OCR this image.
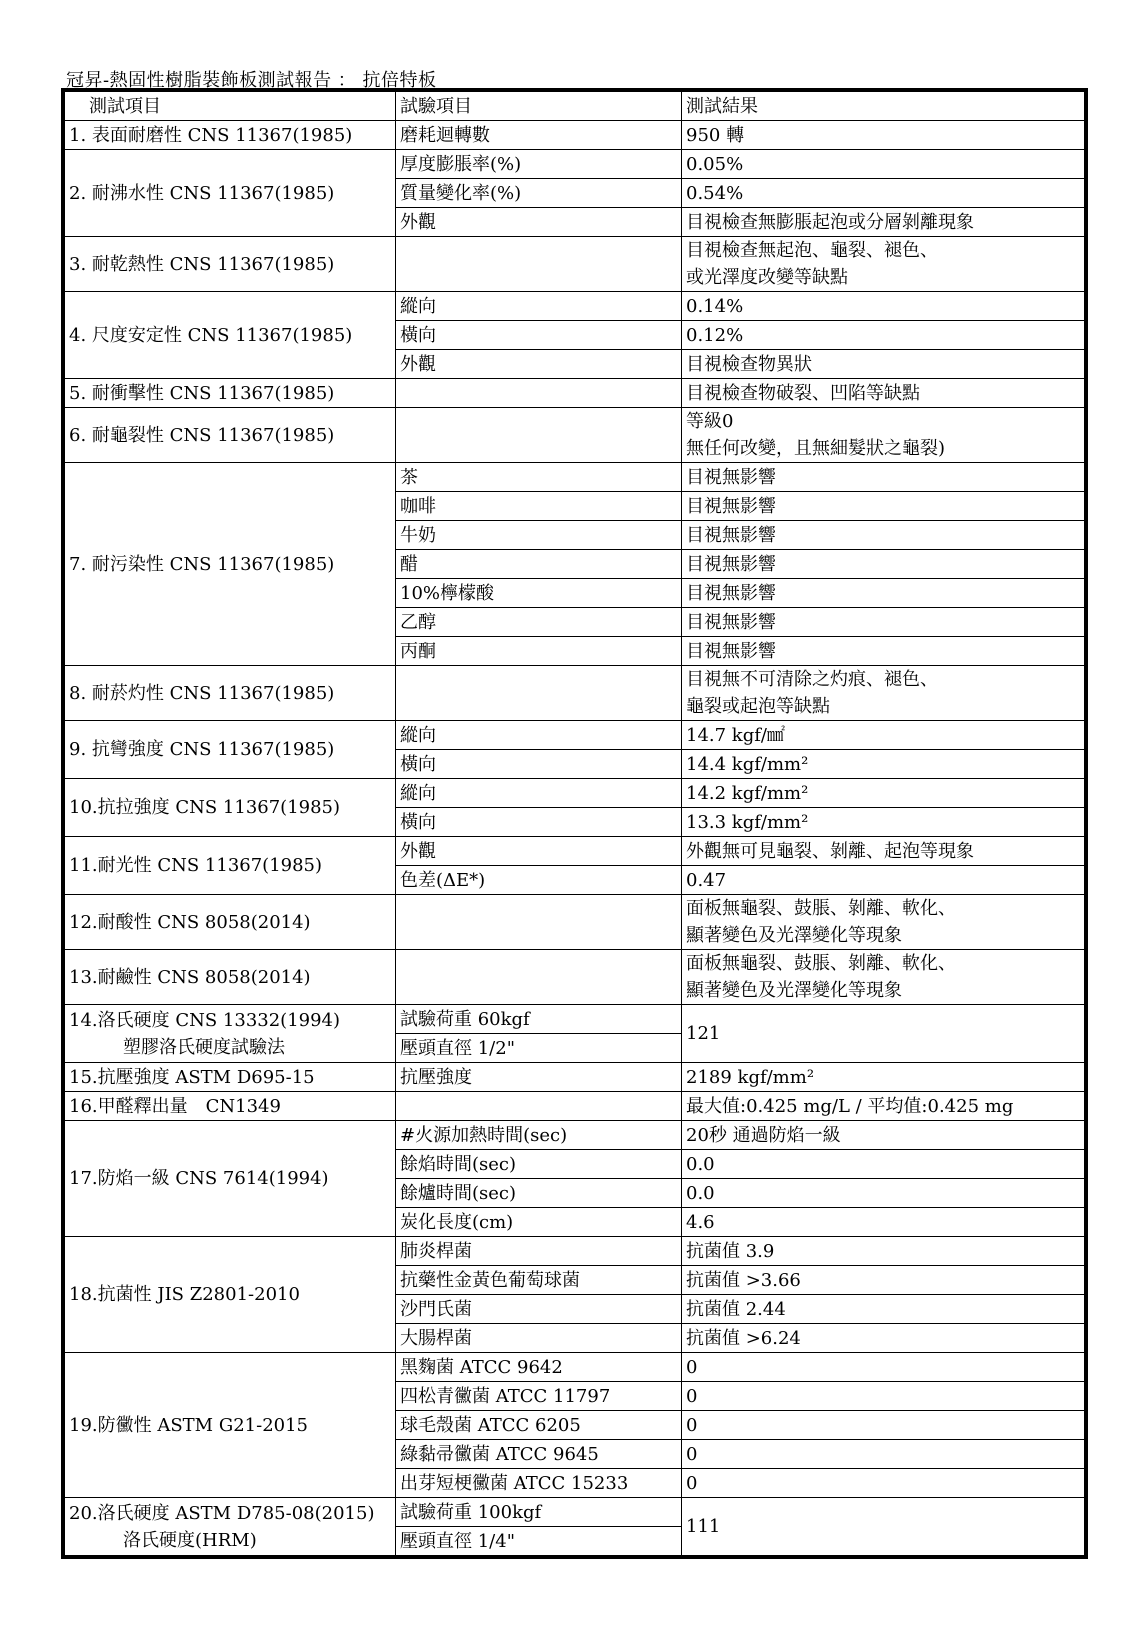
冠昇-熱固性樹脂裝飾板測試報告 ： 抗倍特板
測試項目	試驗項目	測試結果
1. 表面耐磨性 CNS 11367(1985)	磨耗迴轉數	950 轉
2. 耐沸水性 CNS 11367(1985)	厚度膨脹率(%)	0.05%
	質量變化率(%)	0.54%
	外觀	目視檢查無膨脹起泡或分層剝離現象
3. 耐乾熱性 CNS 11367(1985)		目視檢查無起泡、龜裂、褪色、
或光澤度改變等缺點

4. 尺度安定性 CNS 11367(1985)	縱向	0.14%
	橫向	0.12%
	外觀	目視檢查物異狀
5. 耐衝擊性 CNS 11367(1985)		目視檢查物破裂、凹陷等缺點
6. 耐龜裂性 CNS 11367(1985)		等級0
無任何改變，且無細髮狀之龜裂)

7. 耐污染性 CNS 11367(1985)	茶	目視無影響
	咖啡	目視無影響
	牛奶	目視無影響
	醋	目視無影響
	10%檸檬酸	目視無影響
	乙醇	目視無影響
	丙酮	目視無影響
8. 耐菸灼性 CNS 11367(1985)		目視無不可清除之灼痕、褪色、
龜裂或起泡等缺點

9. 抗彎強度 CNS 11367(1985)	縱向	14.7 kgf/㎟
	橫向	14.4 kgf/mm²
10.抗拉強度 CNS 11367(1985)	縱向	14.2 kgf/mm²
	橫向	13.3 kgf/mm²
11.耐光性 CNS 11367(1985)	外觀	外觀無可見龜裂、剝離、起泡等現象
	色差(ΔE*)	0.47
12.耐酸性 CNS 8058(2014)		面板無龜裂、鼓脹、剝離、軟化、
顯著變色及光澤變化等現象

13.耐鹼性 CNS 8058(2014)		面板無龜裂、鼓脹、剝離、軟化、
顯著變色及光澤變化等現象

14.洛氏硬度 CNS 13332(1994)
塑膠洛氏硬度試驗法	試驗荷重 60kgf	121
	壓頭直徑 1/2"	
15.抗壓強度 ASTM D695-15	抗壓強度	2189 kgf/mm²
16.甲醛釋出量　CN1349		最大值:0.425 mg/L / 平均值:0.425 mg
17.防焰一級 CNS 7614(1994)	#火源加熱時間(sec)	20秒 通過防焰一級
	餘焰時間(sec)	0.0
	餘爐時間(sec)	0.0
	炭化長度(cm)	4.6
18.抗菌性 JIS Z2801-2010	肺炎桿菌	抗菌值 3.9
	抗藥性金黃色葡萄球菌	抗菌值 >3.66
	沙門氏菌	抗菌值 2.44
	大腸桿菌	抗菌值 >6.24
19.防黴性 ASTM G21-2015	黑麴菌 ATCC 9642	0
	四松青黴菌 ATCC 11797	0
	球毛殼菌 ATCC 6205	0
	綠黏帚黴菌 ATCC 9645	0
	出芽短梗黴菌 ATCC 15233	0

20.洛氏硬度 ASTM D785-08(2015)
洛氏硬度(HRM)	試驗荷重 100kgf	111
	壓頭直徑 1/4"	
